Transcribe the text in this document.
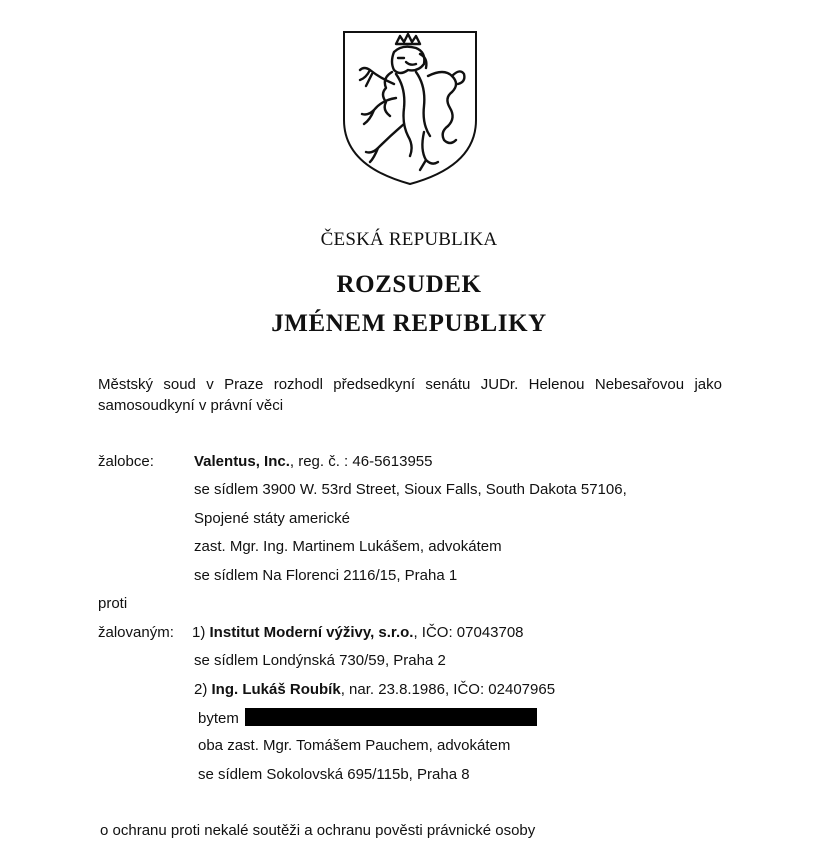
ČESKÁ REPUBLIKA
ROZSUDEK
JMÉNEM REPUBLIKY
Městský soud v Praze rozhodl předsedkyní senátu JUDr. Helenou Nebesařovou jako
samosoudkyní v právní věci
žalobce:	Valentus, Inc., reg. č. : 46-5613955
se sídlem 3900 W. 53rd Street, Sioux Falls, South Dakota 57106,
Spojené státy americké
zast. Mgr. Ing. Martinem Lukášem, advokátem
se sídlem Na Florenci 2116/15, Praha 1
proti
žalovaným: 1) Institut Moderní výživy, s.r.o., IČO: 07043708
se sídlem Londýnská 730/59, Praha 2
2) Ing. Lukáš Roubík, nar. 23.8.1986, IČO: 02407965
bytem
oba zast. Mgr. Tomášem Pauchem, advokátem
se sídlem Sokolovská 695/115b, Praha 8
o ochranu proti nekalé soutěži a ochranu pověsti právnické osoby
